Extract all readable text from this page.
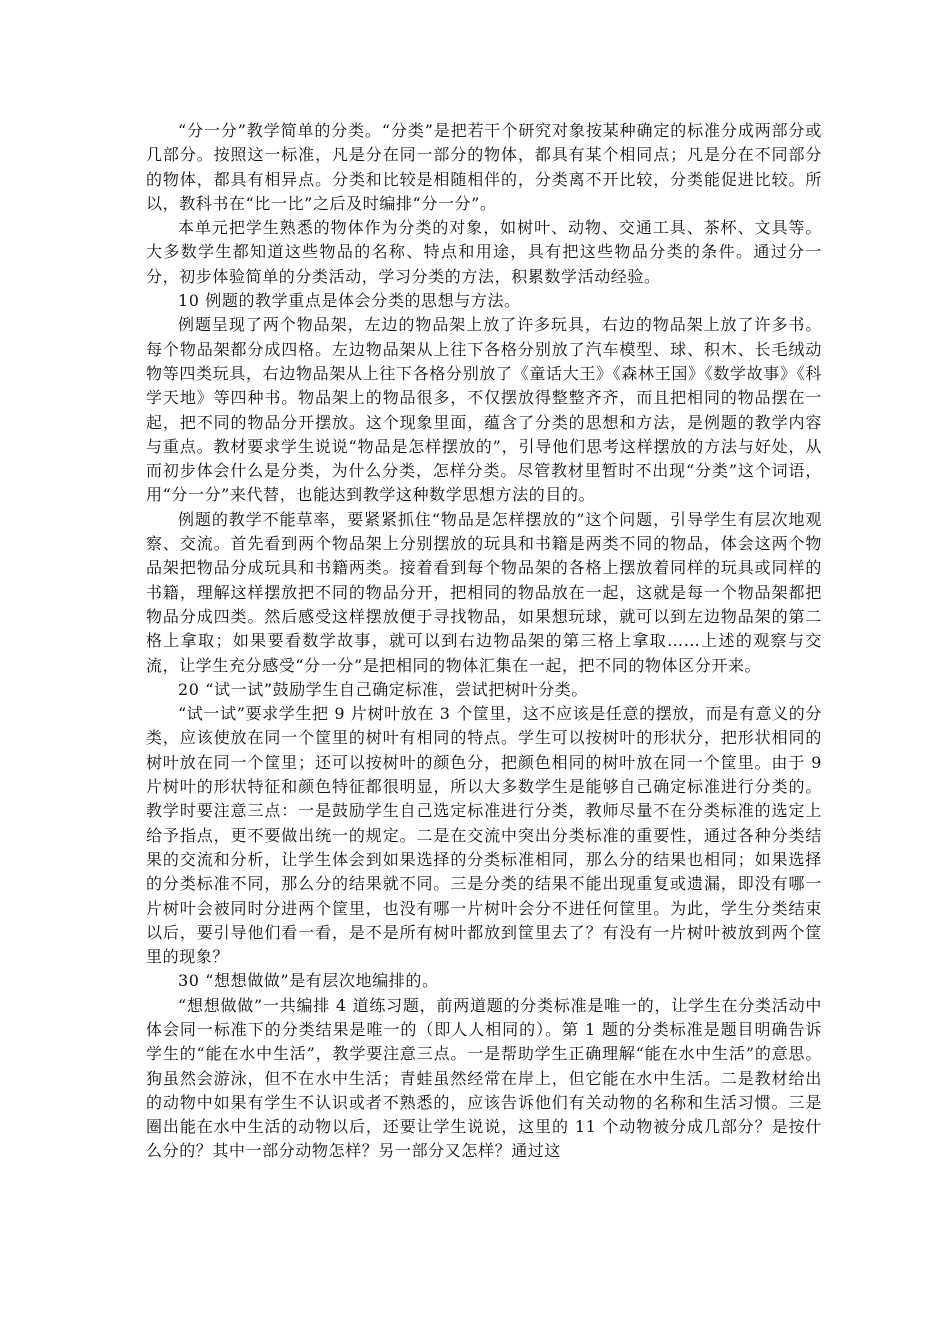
“分一分”教学简单的分类。“分类”是把若干个研究对象按某种确定的标准分成两部分或几部分。按照这一标准，凡是分在同一部分的物体，都具有某个相同点；凡是分在不同部分的物体，都具有相异点。分类和比较是相随相伴的，分类离不开比较，分类能促进比较。所以，教科书在“比一比”之后及时编排“分一分”。

本单元把学生熟悉的物体作为分类的对象，如树叶、动物、交通工具、茶杯、文具等。大多数学生都知道这些物品的名称、特点和用途，具有把这些物品分类的条件。通过分一分，初步体验简单的分类活动，学习分类的方法，积累数学活动经验。

10 例题的教学重点是体会分类的思想与方法。

例题呈现了两个物品架，左边的物品架上放了许多玩具，右边的物品架上放了许多书。每个物品架都分成四格。左边物品架从上往下各格分别放了汽车模型、球、积木、长毛绒动物等四类玩具，右边物品架从上往下各格分别放了《童话大王》《森林王国》《数学故事》《科学天地》等四种书。物品架上的物品很多，不仅摆放得整整齐齐，而且把相同的物品摆在一起，把不同的物品分开摆放。这个现象里面，蕴含了分类的思想和方法，是例题的教学内容与重点。教材要求学生说说“物品是怎样摆放的”，引导他们思考这样摆放的方法与好处，从而初步体会什么是分类，为什么分类，怎样分类。尽管教材里暂时不出现“分类”这个词语，用“分一分”来代替，也能达到教学这种数学思想方法的目的。

例题的教学不能草率，要紧紧抓住“物品是怎样摆放的”这个问题，引导学生有层次地观察、交流。首先看到两个物品架上分别摆放的玩具和书籍是两类不同的物品，体会这两个物品架把物品分成玩具和书籍两类。接着看到每个物品架的各格上摆放着同样的玩具或同样的书籍，理解这样摆放把不同的物品分开，把相同的物品放在一起，这就是每一个物品架都把物品分成四类。然后感受这样摆放便于寻找物品，如果想玩球，就可以到左边物品架的第二格上拿取；如果要看数学故事，就可以到右边物品架的第三格上拿取……上述的观察与交流，让学生充分感受“分一分”是把相同的物体汇集在一起，把不同的物体区分开来。

20 “试一试”鼓励学生自己确定标准，尝试把树叶分类。

“试一试”要求学生把 9 片树叶放在 3 个筐里，这不应该是任意的摆放，而是有意义的分类，应该使放在同一个筐里的树叶有相同的特点。学生可以按树叶的形状分，把形状相同的树叶放在同一个筐里；还可以按树叶的颜色分，把颜色相同的树叶放在同一个筐里。由于 9 片树叶的形状特征和颜色特征都很明显，所以大多数学生是能够自己确定标准进行分类的。教学时要注意三点：一是鼓励学生自己选定标准进行分类，教师尽量不在分类标准的选定上给予指点，更不要做出统一的规定。二是在交流中突出分类标准的重要性，通过各种分类结果的交流和分析，让学生体会到如果选择的分类标准相同，那么分的结果也相同；如果选择的分类标准不同，那么分的结果就不同。三是分类的结果不能出现重复或遗漏，即没有哪一片树叶会被同时分进两个筐里，也没有哪一片树叶会分不进任何筐里。为此，学生分类结束以后，要引导他们看一看，是不是所有树叶都放到筐里去了？有没有一片树叶被放到两个筐里的现象？

30 “想想做做”是有层次地编排的。

“想想做做”一共编排 4 道练习题，前两道题的分类标准是唯一的，让学生在分类活动中体会同一标准下的分类结果是唯一的（即人人相同的）。第 1 题的分类标准是题目明确告诉学生的“能在水中生活”，教学要注意三点。一是帮助学生正确理解“能在水中生活”的意思。狗虽然会游泳，但不在水中生活；青蛙虽然经常在岸上，但它能在水中生活。二是教材给出的动物中如果有学生不认识或者不熟悉的，应该告诉他们有关动物的名称和生活习惯。三是圈出能在水中生活的动物以后，还要让学生说说，这里的 11 个动物被分成几部分？是按什么分的？其中一部分动物怎样？另一部分又怎样？通过这
